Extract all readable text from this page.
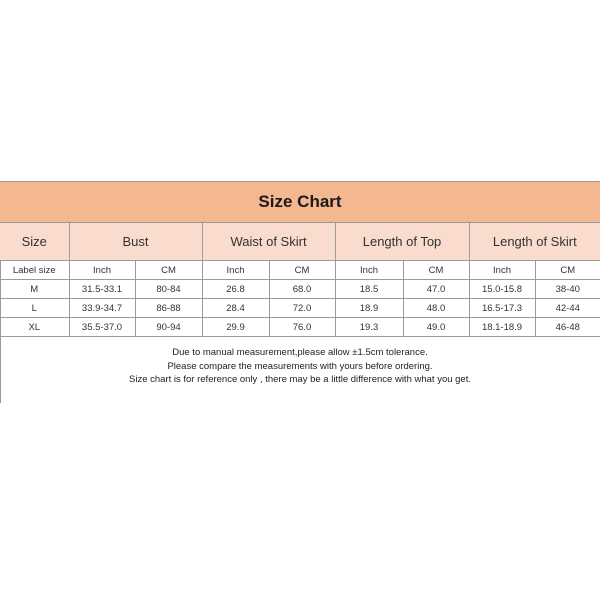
Size Chart
Size	Bust		Waist of Skirt		Length of Top		Length of Skirt	
Label size	Inch	CM	Inch	CM	Inch	CM	Inch	CM
M	31.5-33.1	80-84	26.8	68.0	18.5	47.0	15.0-15.8	38-40
L	33.9-34.7	86-88	28.4	72.0	18.9	48.0	16.5-17.3	42-44
XL	35.5-37.0	90-94	29.9	76.0	19.3	49.0	18.1-18.9	46-48
Due to manual measurement,please allow ±1.5cm tolerance.
Please compare the measurements with yours before ordering.
Size chart is for reference only , there may be a little difference with what you get.
